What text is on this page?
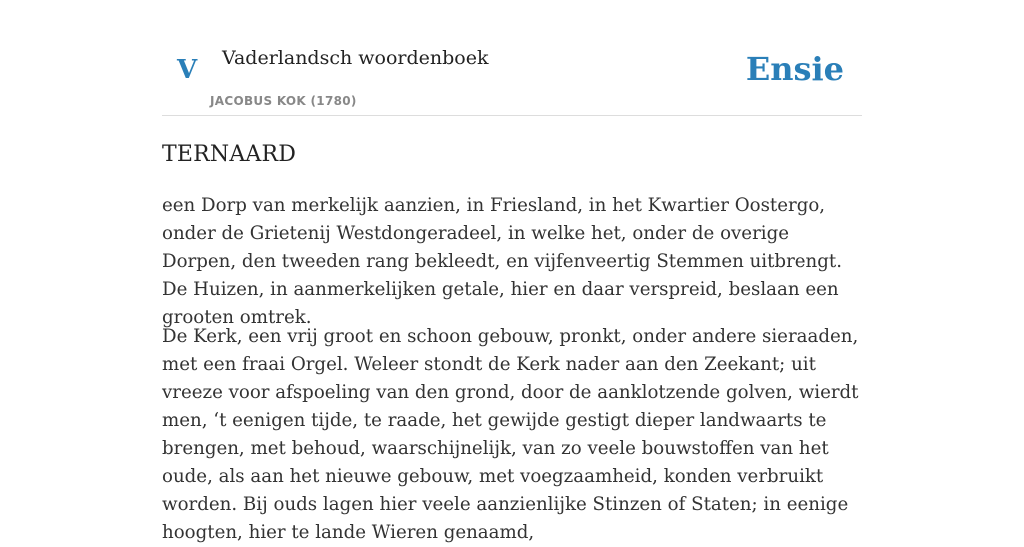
V Vaderlandsch woordenboek
JACOBUS KOK (1780)
Ensie
TERNAARD

een Dorp van merkelijk aanzien, in Friesland, in het Kwartier Oostergo, onder de Grietenij Westdongeradeel, in welke het, onder de overige Dorpen, den tweeden rang bekleedt, en vijfenveertig Stemmen uitbrengt. De Huizen, in aanmerkelijken getale, hier en daar verspreid, beslaan een grooten omtrek.

De Kerk, een vrij groot en schoon gebouw, pronkt, onder andere sieraaden, met een fraai Orgel. Weleer stondt de Kerk nader aan den Zeekant; uit vreeze voor afspoeling van den grond, door de aanklotzende golven, wierdt men, ‘t eenigen tijde, te raade, het gewijde gestigt dieper landwaarts te brengen, met behoud, waarschijnelijk, van zo veele bouwstoffen van het oude, als aan het nieuwe gebouw, met voegzaamheid, konden verbruikt worden. Bij ouds lagen hier veele aanzienlijke Stinzen of Staten; in eenige hoogten, hier te lande Wieren genaamd,
